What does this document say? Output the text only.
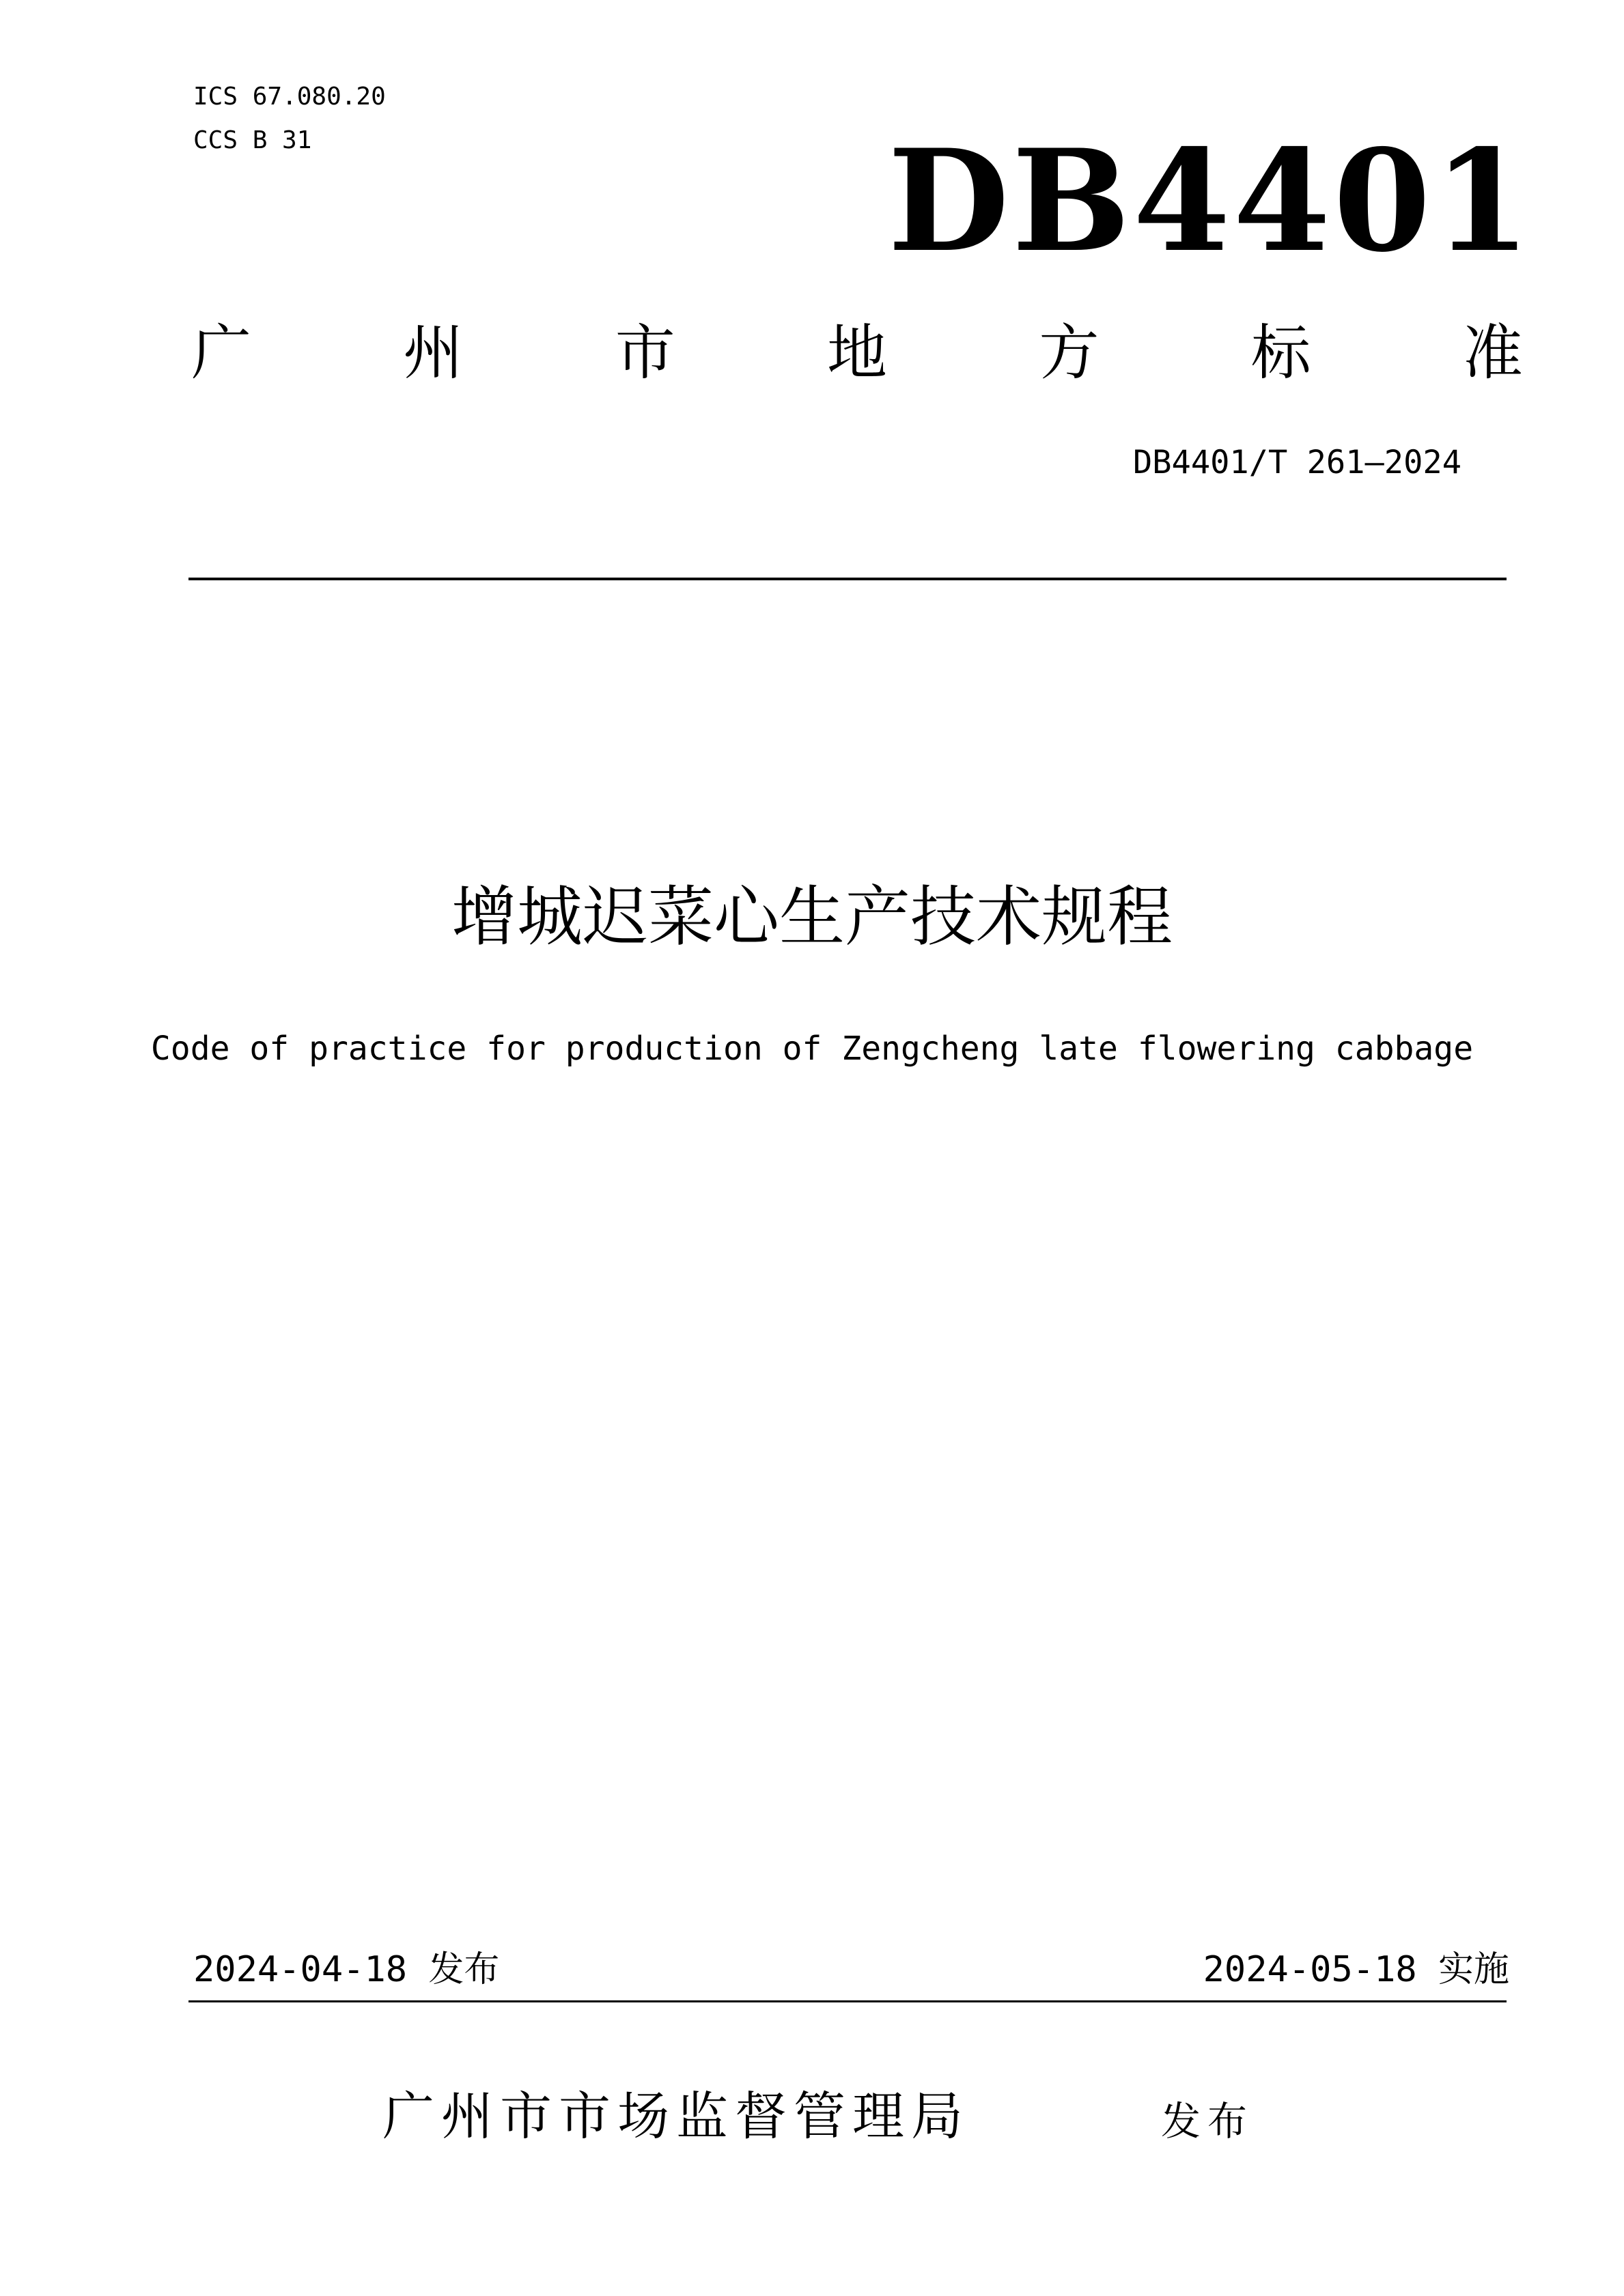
ICS 67.080.20
CCS B 31	DB4401
广	州	市	地	方	标	准
DB4401/T 261—2024
增城迟菜心生产技术规程
Code of practice for production of Zengcheng late flowering cabbage
2024-04-18 发布	2024-05-18 实施
广州市市场监督管理局	发布
